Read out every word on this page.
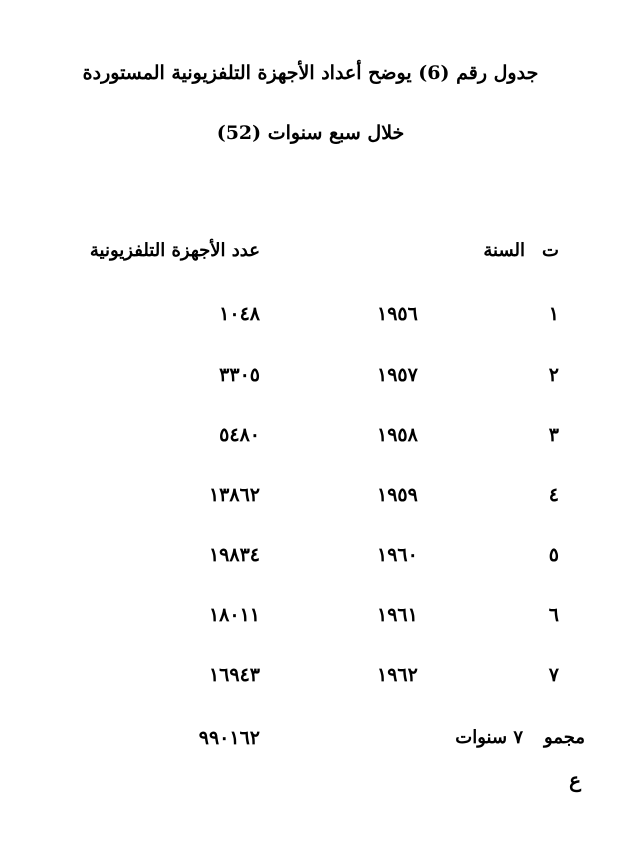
جدول رقم (6) يوضح أعداد الأجهزة التلفزيونية المستوردة
خلال سبع سنوات (52)
ت
السنة
عدد الأجهزة التلفزيونية
١
١٩٥٦
١٠٤٨
٢
١٩٥٧
٣٣٠٥
٣
١٩٥٨
٥٤٨٠
٤
١٩٥٩
١٣٨٦٢
٥
١٩٦٠
١٩٨٣٤
٦
١٩٦١
١٨٠١١
٧
١٩٦٢
١٦٩٤٣
مجمو
ع
٧ سنوات
٩٩٠١٦٢
